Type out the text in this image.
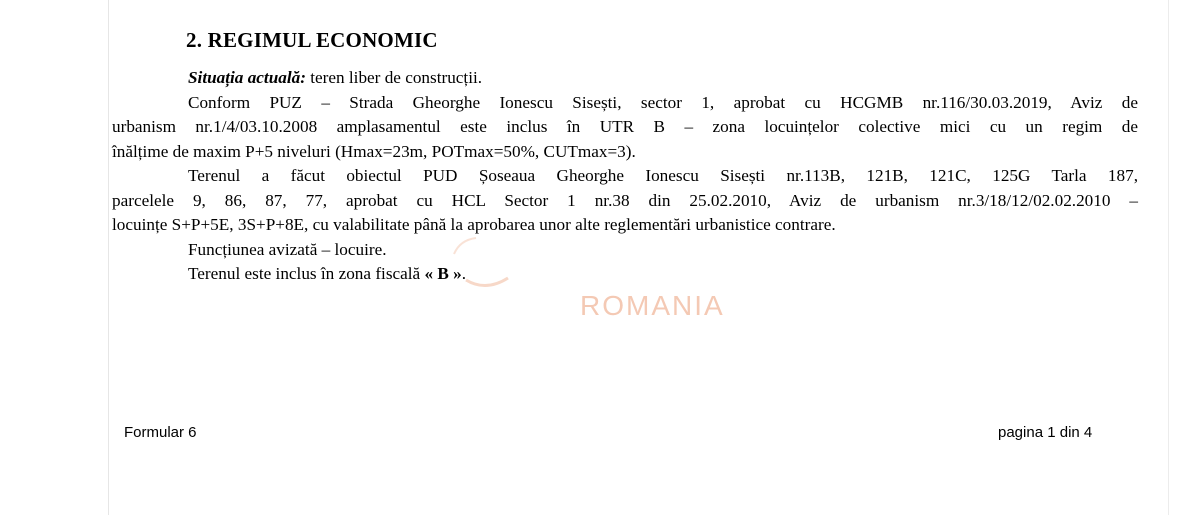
ROMANIA
2. REGIMUL ECONOMIC

Situația actuală: teren liber de construcții.

Conform PUZ – Strada Gheorghe Ionescu Sisești, sector 1, aprobat cu HCGMB nr.116/30.03.2019, Aviz de

urbanism nr.1/4/03.10.2008 amplasamentul este inclus în UTR B – zona locuințelor colective mici cu un regim de

înălțime de maxim P+5 niveluri (Hmax=23m, POTmax=50%, CUTmax=3).

Terenul a făcut obiectul PUD Șoseaua Gheorghe Ionescu Sisești nr.113B, 121B, 121C, 125G Tarla 187,

parcelele 9, 86, 87, 77, aprobat cu HCL Sector 1 nr.38 din 25.02.2010, Aviz de urbanism nr.3/18/12/02.02.2010 –

locuințe S+P+5E, 3S+P+8E, cu valabilitate până la aprobarea unor alte reglementări urbanistice contrare.

Funcțiunea avizată – locuire.

Terenul este inclus în zona fiscală « B ».

Formular 6	pagina 1 din 4
